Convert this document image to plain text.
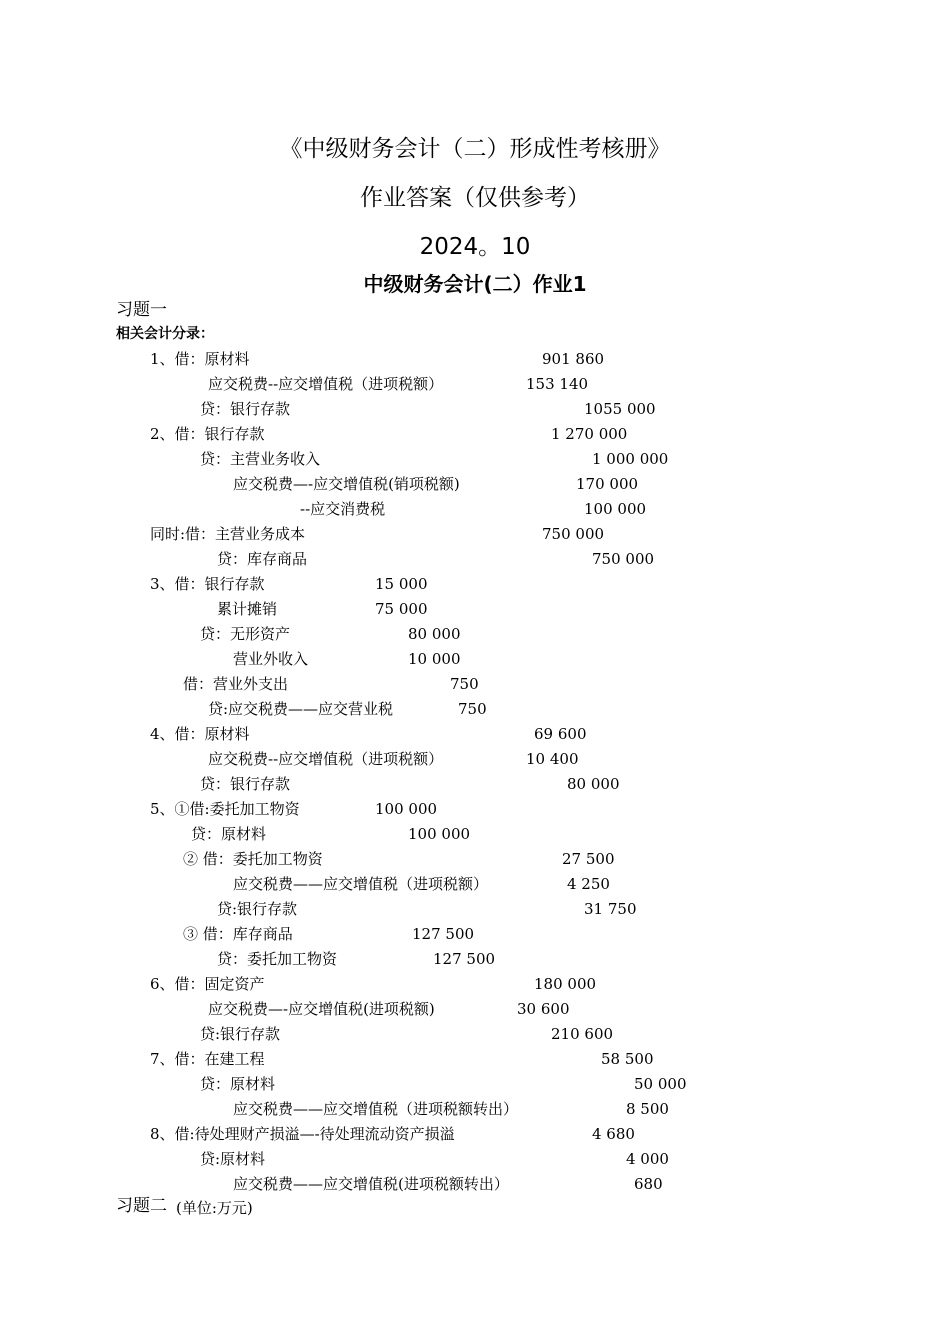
《中级财务会计（二）形成性考核册》
作业答案（仅供参考）
2024。10
中级财务会计(二）作业1
习题一
相关会计分录：
1、借：原材料	901 860
应交税费--应交增值税（进项税额）	153 140
贷：银行存款	1055 000
2、借：银行存款	1 270 000
贷：主营业务收入	1 000 000
应交税费—-应交增值税(销项税额)	170 000
--应交消费税	100 000
同时:借：主营业务成本	750 000
贷：库存商品	750 000
3、借：银行存款	15 000
累计摊销	75 000
贷：无形资产	80 000
营业外收入	10 000
借：营业外支出	750
贷:应交税费——应交营业税	750
4、借：原材料	69 600
应交税费--应交增值税（进项税额）	10 400
贷：银行存款	80 000
5、①借:委托加工物资	100 000
贷：原材料	100 000
② 借：委托加工物资	27 500
应交税费——应交增值税（进项税额）	4 250
贷:银行存款	31 750
③ 借：库存商品	127 500
贷：委托加工物资	127 500
6、借：固定资产	180 000
应交税费—-应交增值税(进项税额)	30 600
贷:银行存款	210 600
7、借：在建工程	58 500
贷：原材料	50 000
应交税费——应交增值税（进项税额转出）	8 500
8、借:待处理财产损溢—-待处理流动资产损溢	4 680
贷:原材料	4 000
应交税费——应交增值税(进项税额转出）	680
习题二 (单位:万元)
